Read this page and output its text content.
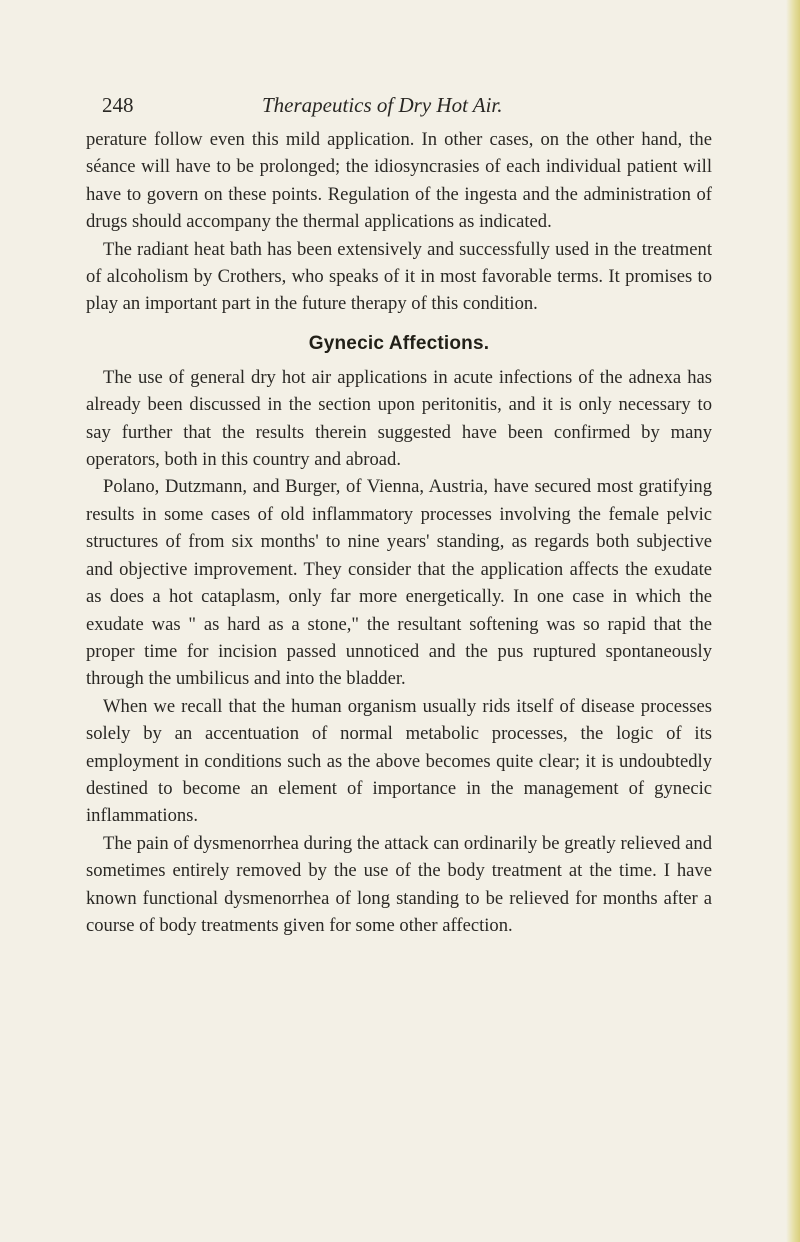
248	Therapeutics of Dry Hot Air.

perature follow even this mild application. In other cases, on the other hand, the séance will have to be prolonged; the idiosyncrasies of each individual patient will have to govern on these points. Regulation of the ingesta and the administration of drugs should accompany the thermal applications as indicated.

The radiant heat bath has been extensively and successfully used in the treatment of alcoholism by Crothers, who speaks of it in most favorable terms. It promises to play an important part in the future therapy of this condition.

Gynecic Affections.

The use of general dry hot air applications in acute infections of the adnexa has already been discussed in the section upon peritonitis, and it is only necessary to say further that the results therein suggested have been confirmed by many operators, both in this country and abroad.

Polano, Dutzmann, and Burger, of Vienna, Austria, have secured most gratifying results in some cases of old inflammatory processes involving the female pelvic structures of from six months' to nine years' standing, as regards both subjective and objective improvement. They consider that the application affects the exudate as does a hot cataplasm, only far more energetically. In one case in which the exudate was " as hard as a stone," the resultant softening was so rapid that the proper time for incision passed unnoticed and the pus ruptured spontaneously through the umbilicus and into the bladder.

When we recall that the human organism usually rids itself of disease processes solely by an accentuation of normal metabolic processes, the logic of its employment in conditions such as the above becomes quite clear; it is undoubtedly destined to become an element of importance in the management of gynecic inflammations.

The pain of dysmenorrhea during the attack can ordinarily be greatly relieved and sometimes entirely removed by the use of the body treatment at the time. I have known functional dysmenorrhea of long standing to be relieved for months after a course of body treatments given for some other affection.
